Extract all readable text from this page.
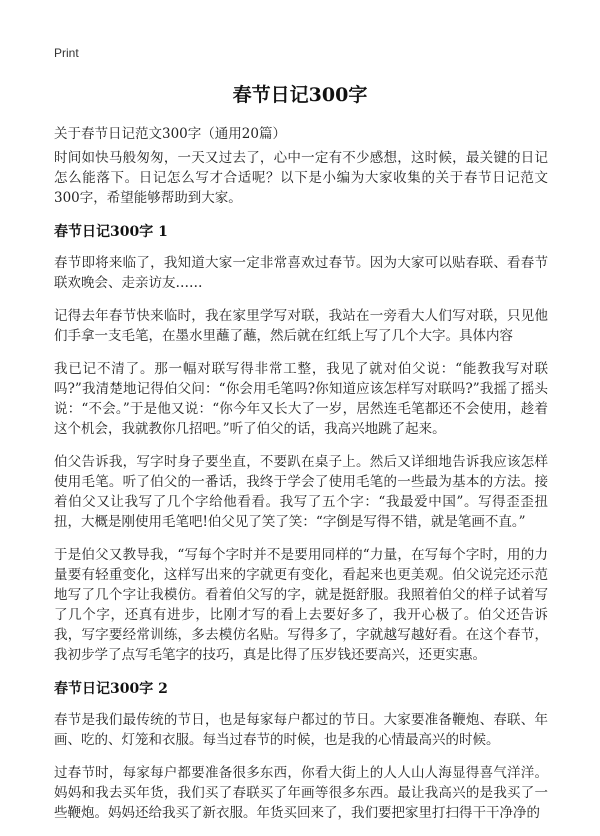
Print
春节日记300字
关于春节日记范文300字（通用20篇）

时间如快马般匆匆，一天又过去了，心中一定有不少感想，这时候，最关键的日记怎么能落下。日记怎么写才合适呢？以下是小编为大家收集的关于春节日记范文300字，希望能够帮助到大家。

春节日记300字 1

春节即将来临了，我知道大家一定非常喜欢过春节。因为大家可以贴春联、看春节联欢晚会、走亲访友……

记得去年春节快来临时，我在家里学写对联，我站在一旁看大人们写对联，只见他们手拿一支毛笔，在墨水里蘸了蘸，然后就在红纸上写了几个大字。具体内容

我已记不清了。那一幅对联写得非常工整，我见了就对伯父说：“能教我写对联吗?”我清楚地记得伯父问：“你会用毛笔吗?你知道应该怎样写对联吗?”我摇了摇头说：“不会。”于是他又说：“你今年又长大了一岁，居然连毛笔都还不会使用，趁着这个机会，我就教你几招吧。”听了伯父的话，我高兴地跳了起来。

伯父告诉我，写字时身子要坐直，不要趴在桌子上。然后又详细地告诉我应该怎样使用毛笔。听了伯父的一番话，我终于学会了使用毛笔的一些最为基本的方法。接着伯父又让我写了几个字给他看看。我写了五个字：“我最爱中国”。写得歪歪扭扭，大概是刚使用毛笔吧!伯父见了笑了笑：“字倒是写得不错，就是笔画不直。”

于是伯父又教导我，“写每个字时并不是要用同样的“力量，在写每个字时，用的力量要有轻重变化，这样写出来的字就更有变化，看起来也更美观。伯父说完还示范地写了几个字让我模仿。看着伯父写的字，就是挺舒服。我照着伯父的样子试着写了几个字，还真有进步，比刚才写的看上去要好多了，我开心极了。伯父还告诉我，写字要经常训练，多去模仿名贴。写得多了，字就越写越好看。在这个春节，我初步学了点写毛笔字的技巧，真是比得了压岁钱还要高兴，还更实惠。

春节日记300字 2

春节是我们最传统的节日，也是每家每户都过的节日。大家要准备鞭炮、春联、年画、吃的、灯笼和衣服。每当过春节的时候，也是我的心情最高兴的时候。

过春节时，每家每户都要准备很多东西，你看大街上的人人山人海显得喜气洋洋。妈妈和我去买年货，我们买了春联买了年画等很多东西。最让我高兴的是我买了一些鞭炮。妈妈还给我买了新衣服。年货买回来了，我们要把家里打扫得干干净净的
